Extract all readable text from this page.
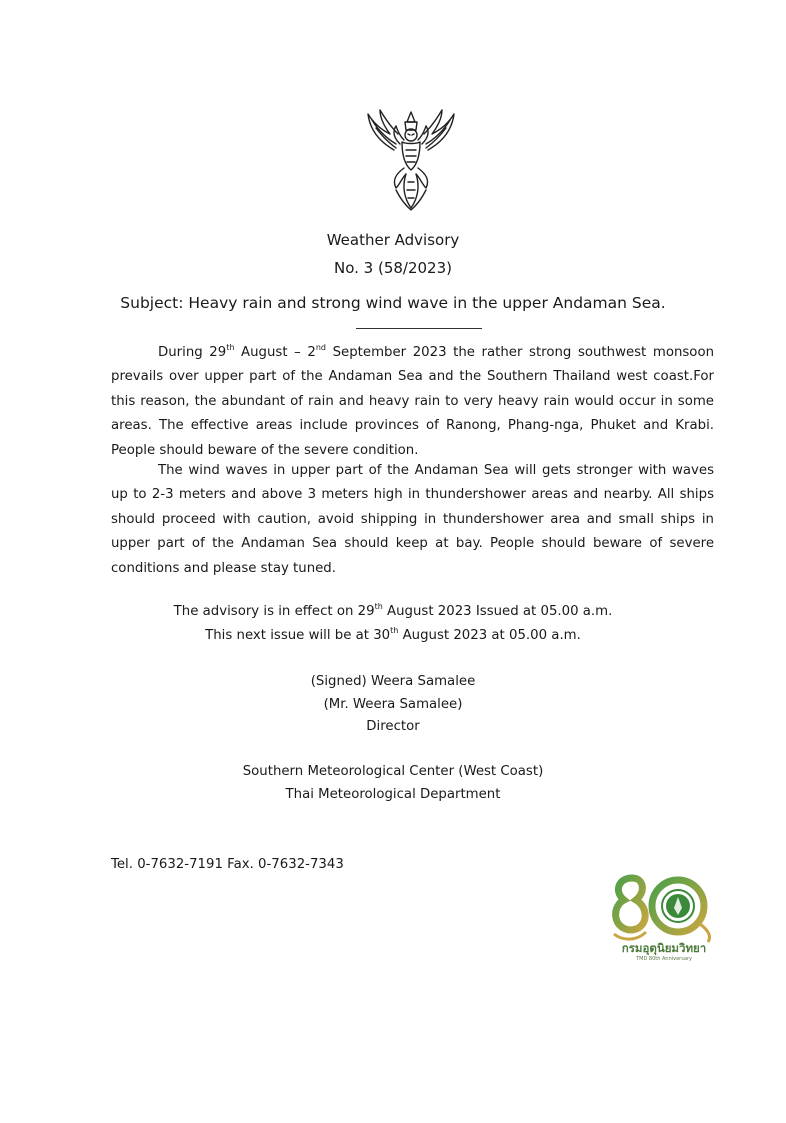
Weather Advisory
No. 3 (58/2023)
Subject: Heavy rain and strong wind wave in the upper Andaman Sea.

During 29th August – 2nd September 2023 the rather strong southwest monsoon prevails over upper part of the Andaman Sea and the Southern Thailand west coast.For this reason, the abundant of rain and heavy rain to very heavy rain would occur in some areas. The effective areas include provinces of Ranong, Phang-nga, Phuket and Krabi. People should beware of the severe condition.

The wind waves in upper part of the Andaman Sea will gets stronger with waves up to 2-3 meters and above 3 meters high in thundershower areas and nearby. All ships should proceed with caution, avoid shipping in thundershower area and small ships in upper part of the Andaman Sea should keep at bay. People should beware of severe conditions and please stay tuned.

The advisory is in effect on 29th August 2023 Issued at 05.00 a.m.
This next issue will be at 30th August 2023 at 05.00 a.m.
(Signed) Weera Samalee
(Mr. Weera Samalee)
Director
Southern Meteorological Center (West Coast)
Thai Meteorological Department
Tel. 0-7632-7191 Fax. 0-7632-7343
กรมอุตุนิยมวิทยา
TMD 80th Anniversary
